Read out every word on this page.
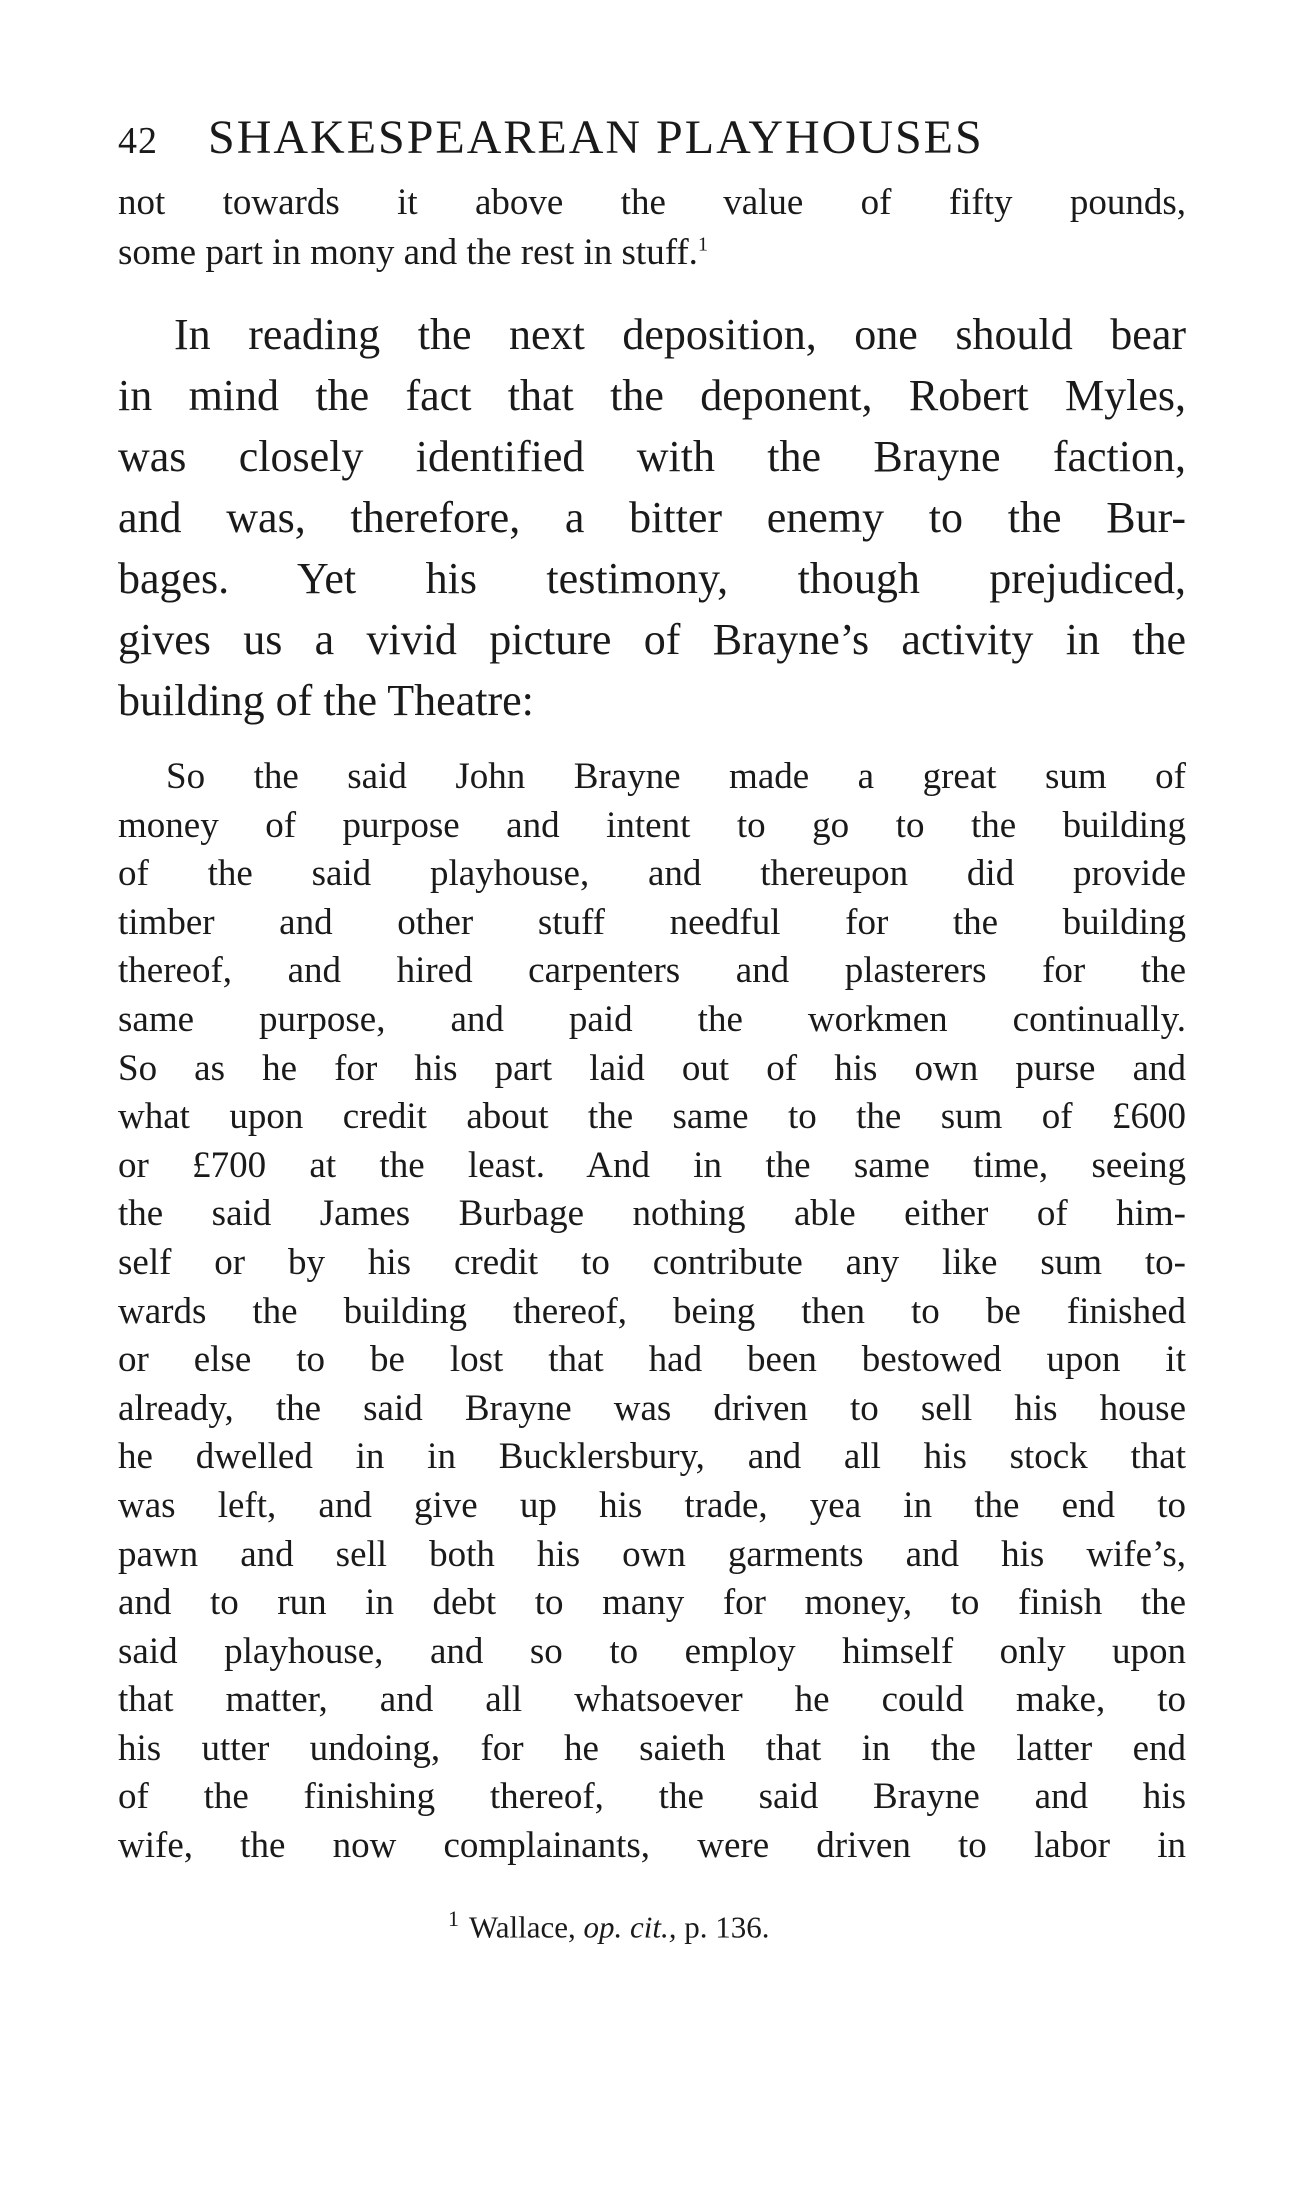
42	SHAKESPEAREAN PLAYHOUSES
not towards it above the value of fifty pounds,
some part in mony and the rest in stuff.$^1$
In reading the next deposition, one should bear
in mind the fact that the deponent, Robert Myles,
was closely identified with the Brayne faction,
and was, therefore, a bitter enemy to the Bur-
bages. Yet his testimony, though prejudiced,
gives us a vivid picture of Brayne’s activity in the
building of the Theatre:
So the said John Brayne made a great sum of
money of purpose and intent to go to the building
of the said playhouse, and thereupon did provide
timber and other stuff needful for the building
thereof, and hired carpenters and plasterers for the
same purpose, and paid the workmen continually.
So as he for his part laid out of his own purse and
what upon credit about the same to the sum of £600
or £700 at the least. And in the same time, seeing
the said James Burbage nothing able either of him-
self or by his credit to contribute any like sum to-
wards the building thereof, being then to be finished
or else to be lost that had been bestowed upon it
already, the said Brayne was driven to sell his house
he dwelled in in Bucklersbury, and all his stock that
was left, and give up his trade, yea in the end to
pawn and sell both his own garments and his wife’s,
and to run in debt to many for money, to finish the
said playhouse, and so to employ himself only upon
that matter, and all whatsoever he could make, to
his utter undoing, for he saieth that in the latter end
of the finishing thereof, the said Brayne and his
wife, the now complainants, were driven to labor in
$^1$ Wallace, op. cit., p. 136.
